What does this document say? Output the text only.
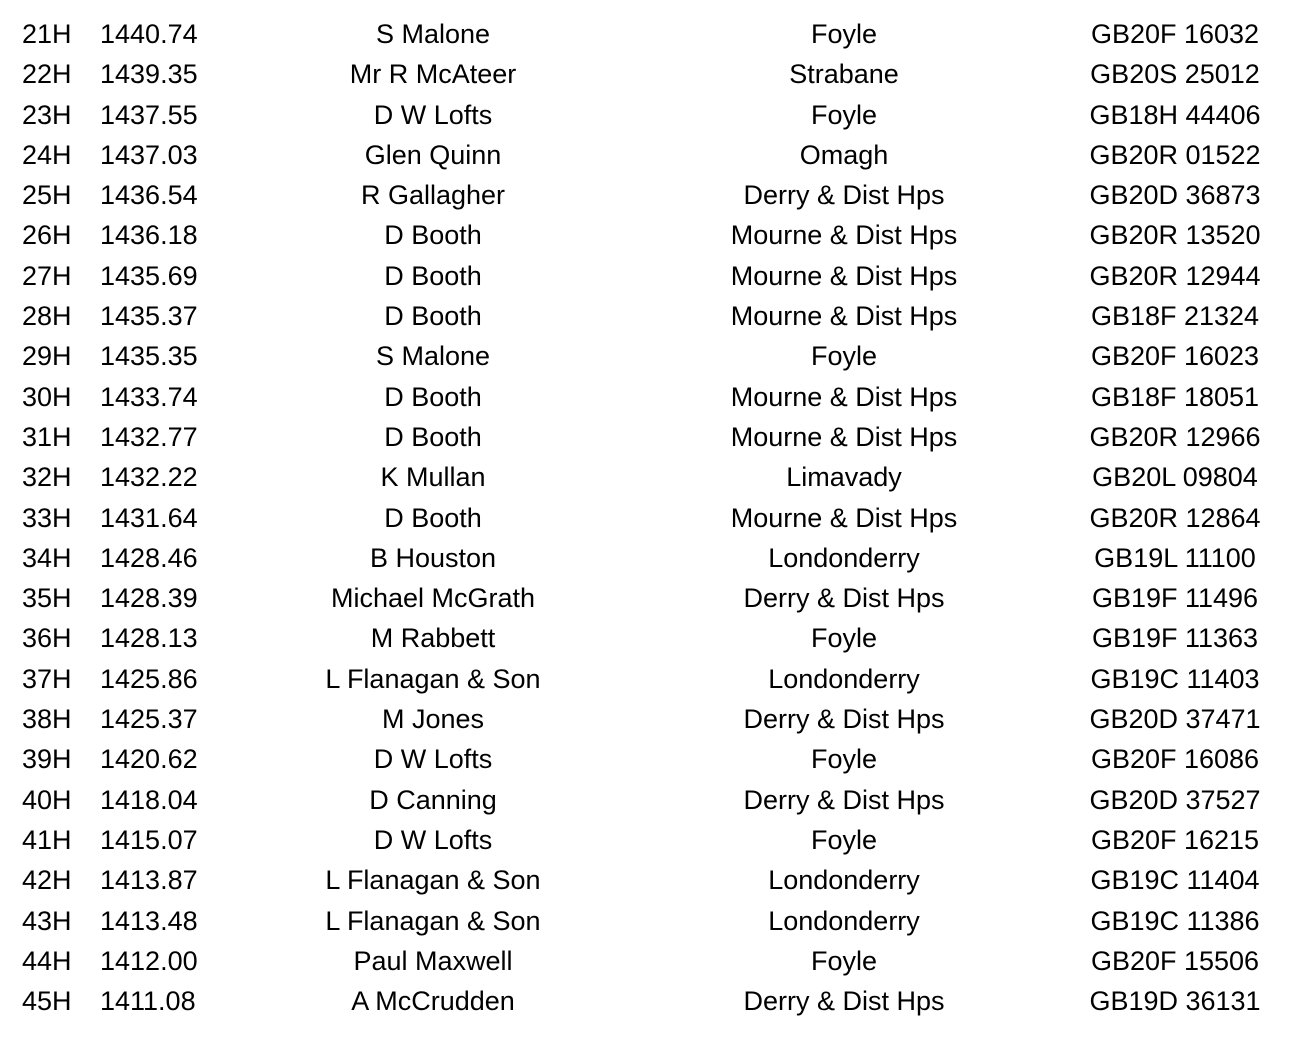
21H 1440.74	S Malone	Foyle	GB20F 16032
22H 1439.35	Mr R McAteer	Strabane	GB20S 25012
23H 1437.55	D W Lofts	Foyle	GB18H 44406
24H 1437.03	Glen Quinn	Omagh	GB20R 01522
25H 1436.54	R Gallagher	Derry & Dist Hps	GB20D 36873
26H 1436.18	D Booth	Mourne & Dist Hps	GB20R 13520
27H 1435.69	D Booth	Mourne & Dist Hps	GB20R 12944
28H 1435.37	D Booth	Mourne & Dist Hps	GB18F 21324
29H 1435.35	S Malone	Foyle	GB20F 16023
30H 1433.74	D Booth	Mourne & Dist Hps	GB18F 18051
31H 1432.77	D Booth	Mourne & Dist Hps	GB20R 12966
32H 1432.22	K Mullan	Limavady	GB20L 09804
33H 1431.64	D Booth	Mourne & Dist Hps	GB20R 12864
34H 1428.46	B Houston	Londonderry	GB19L 11100
35H 1428.39	Michael McGrath	Derry & Dist Hps	GB19F 11496
36H 1428.13	M Rabbett	Foyle	GB19F 11363
37H 1425.86	L Flanagan & Son	Londonderry	GB19C 11403
38H 1425.37	M Jones	Derry & Dist Hps	GB20D 37471
39H 1420.62	D W Lofts	Foyle	GB20F 16086
40H 1418.04	D Canning	Derry & Dist Hps	GB20D 37527
41H 1415.07	D W Lofts	Foyle	GB20F 16215
42H 1413.87	L Flanagan & Son	Londonderry	GB19C 11404
43H 1413.48	L Flanagan & Son	Londonderry	GB19C 11386
44H 1412.00	Paul Maxwell	Foyle	GB20F 15506
45H 1411.08	A McCrudden	Derry & Dist Hps	GB19D 36131
